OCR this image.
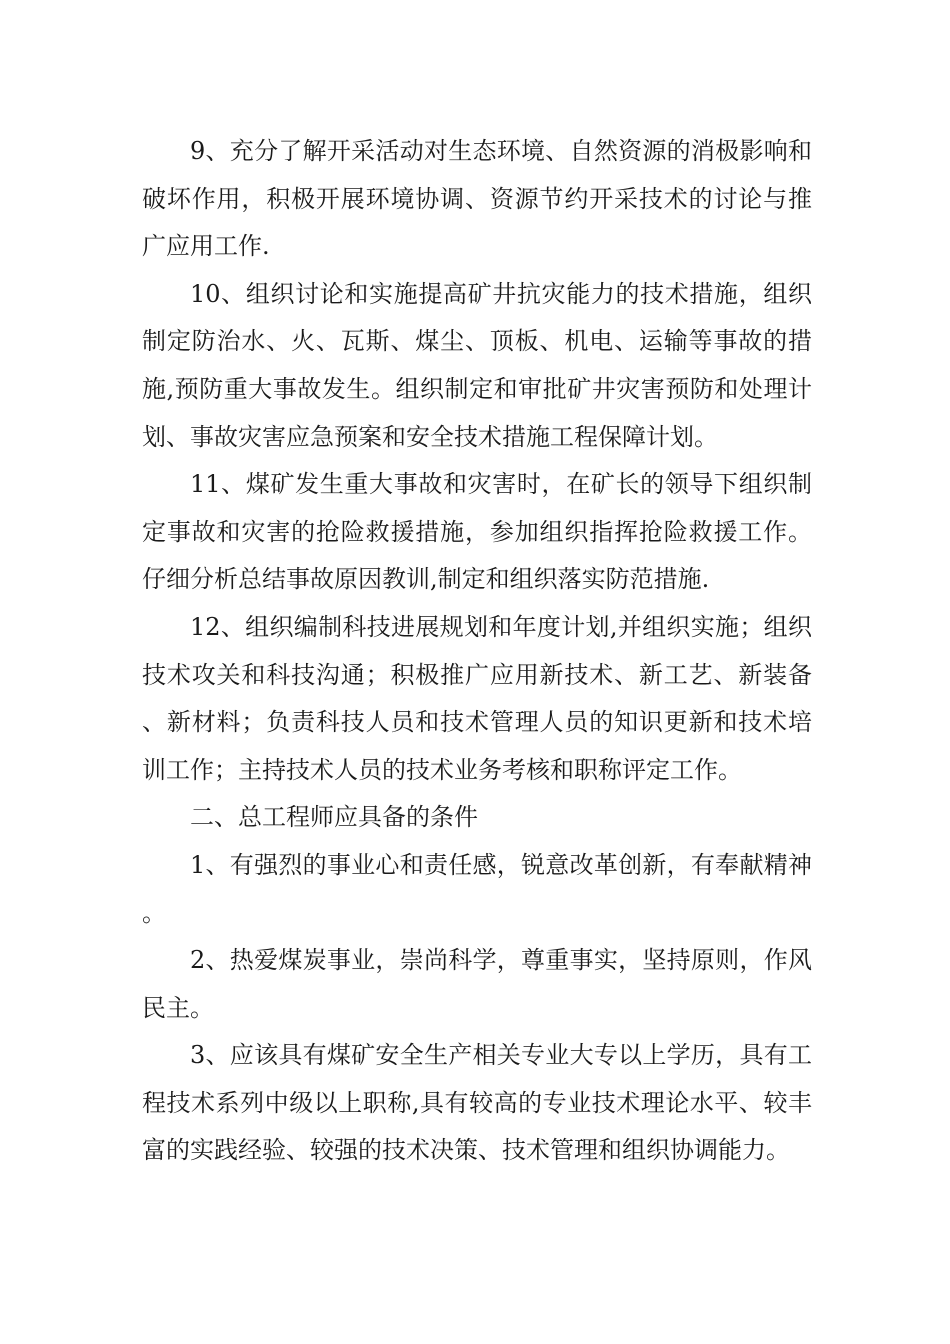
9、充分了解开采活动对生态环境、自然资源的消极影响和破坏作用，积极开展环境协调、资源节约开采技术的讨论与推广应用工作.

10、组织讨论和实施提高矿井抗灾能力的技术措施，组织制定防治水、火、瓦斯、煤尘、顶板、机电、运输等事故的措施,预防重大事故发生。组织制定和审批矿井灾害预防和处理计划、事故灾害应急预案和安全技术措施工程保障计划。

11、煤矿发生重大事故和灾害时，在矿长的领导下组织制定事故和灾害的抢险救援措施，参加组织指挥抢险救援工作。仔细分析总结事故原因教训,制定和组织落实防范措施.

12、组织编制科技进展规划和年度计划,并组织实施；组织技术攻关和科技沟通；积极推广应用新技术、新工艺、新装备、新材料；负责科技人员和技术管理人员的知识更新和技术培训工作；主持技术人员的技术业务考核和职称评定工作。

二、总工程师应具备的条件

1、有强烈的事业心和责任感，锐意改革创新，有奉献精神。

2、热爱煤炭事业，崇尚科学，尊重事实，坚持原则，作风民主。

3、应该具有煤矿安全生产相关专业大专以上学历，具有工程技术系列中级以上职称,具有较高的专业技术理论水平、较丰富的实践经验、较强的技术决策、技术管理和组织协调能力。
